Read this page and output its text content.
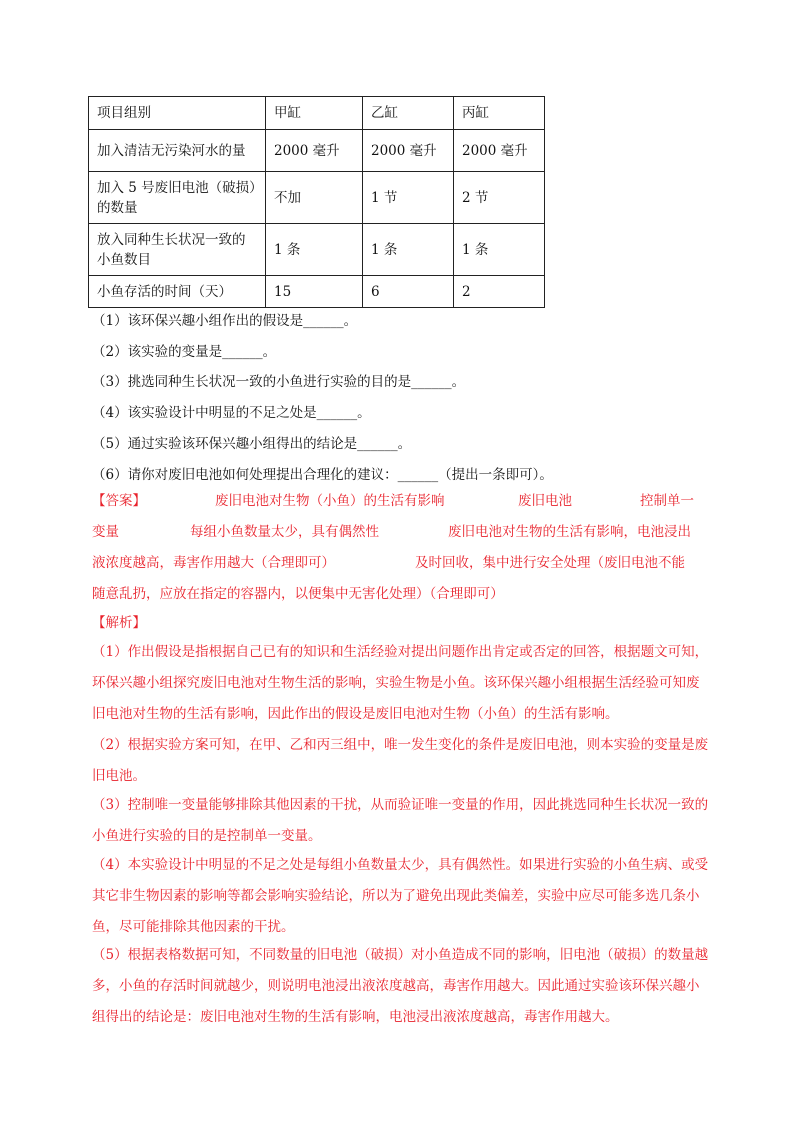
项目组别	甲缸	乙缸	丙缸
加入清洁无污染河水的量	2000 毫升	2000 毫升	2000 毫升
加入 5 号废旧电池（破损）的数量	不加	1 节	2 节
放入同种生长状况一致的小鱼数目	1 条	1 条	1 条
小鱼存活的时间（天）	15	6	2
（1）该环保兴趣小组作出的假设是______。
（2）该实验的变量是______。
（3）挑选同种生长状况一致的小鱼进行实验的目的是______。
（4）该实验设计中明显的不足之处是______。
（5）通过实验该环保兴趣小组得出的结论是______。
（6）请你对废旧电池如何处理提出合理化的建议：______（提出一条即可）。
【答案】	废旧电池对生物（小鱼）的生活有影响	废旧电池	控制单一
变量	每组小鱼数量太少，具有偶然性	废旧电池对生物的生活有影响，电池浸出
液浓度越高，毒害作用越大（合理即可）	及时回收，集中进行安全处理（废旧电池不能
随意乱扔，应放在指定的容器内，以便集中无害化处理）（合理即可）
【解析】
（1）作出假设是指根据自己已有的知识和生活经验对提出问题作出肯定或否定的回答，根据题文可知，环保兴趣小组探究废旧电池对生物生活的影响，实验生物是小鱼。该环保兴趣小组根据生活经验可知废旧电池对生物的生活有影响，因此作出的假设是废旧电池对生物（小鱼）的生活有影响。
（2）根据实验方案可知，在甲、乙和丙三组中，唯一发生变化的条件是废旧电池，则本实验的变量是废旧电池。
（3）控制唯一变量能够排除其他因素的干扰，从而验证唯一变量的作用，因此挑选同种生长状况一致的小鱼进行实验的目的是控制单一变量。
（4）本实验设计中明显的不足之处是每组小鱼数量太少，具有偶然性。如果进行实验的小鱼生病、或受其它非生物因素的影响等都会影响实验结论，所以为了避免出现此类偏差，实验中应尽可能多选几条小鱼，尽可能排除其他因素的干扰。
（5）根据表格数据可知，不同数量的旧电池（破损）对小鱼造成不同的影响，旧电池（破损）的数量越多，小鱼的存活时间就越少，则说明电池浸出液浓度越高，毒害作用越大。因此通过实验该环保兴趣小组得出的结论是：废旧电池对生物的生活有影响，电池浸出液浓度越高，毒害作用越大。
